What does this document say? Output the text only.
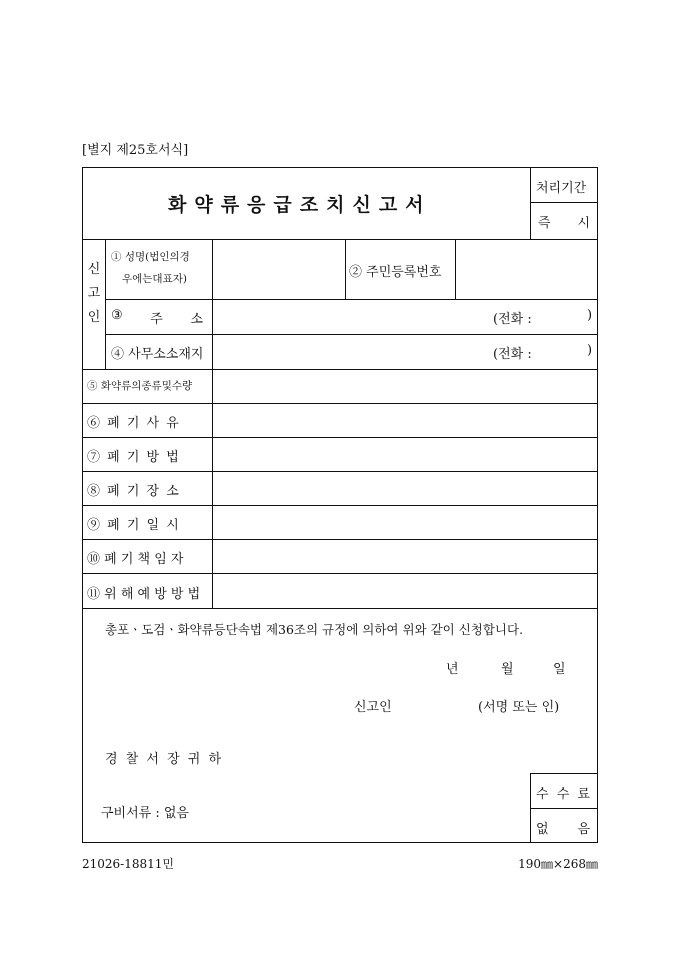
[별지 제25호서식]
화약류응급조치신고서
처리기간
즉 시
신고인
① 성명(법인의경
우에는대표자)	② 주민등록번호
③ 주 소	(전화 :	)
④ 사무소소재지	(전화 :	)
⑤ 화약류의종류및수량
⑥ 폐 기 사 유
⑦ 폐 기 방 법
⑧ 폐 기 장 소
⑨ 폐 기 일 시
⑩ 폐 기 책 임 자
⑪ 위 해 예 방 방 법
총포ㆍ도검ㆍ화약류등단속법 제36조의 규정에 의하여 위와 같이 신청합니다.
년	월	일
신고인	(서명 또는 인)
경 찰 서 장 귀 하
구비서류 : 없음
수 수 료
없 음
21026-18811민	190㎜×268㎜
